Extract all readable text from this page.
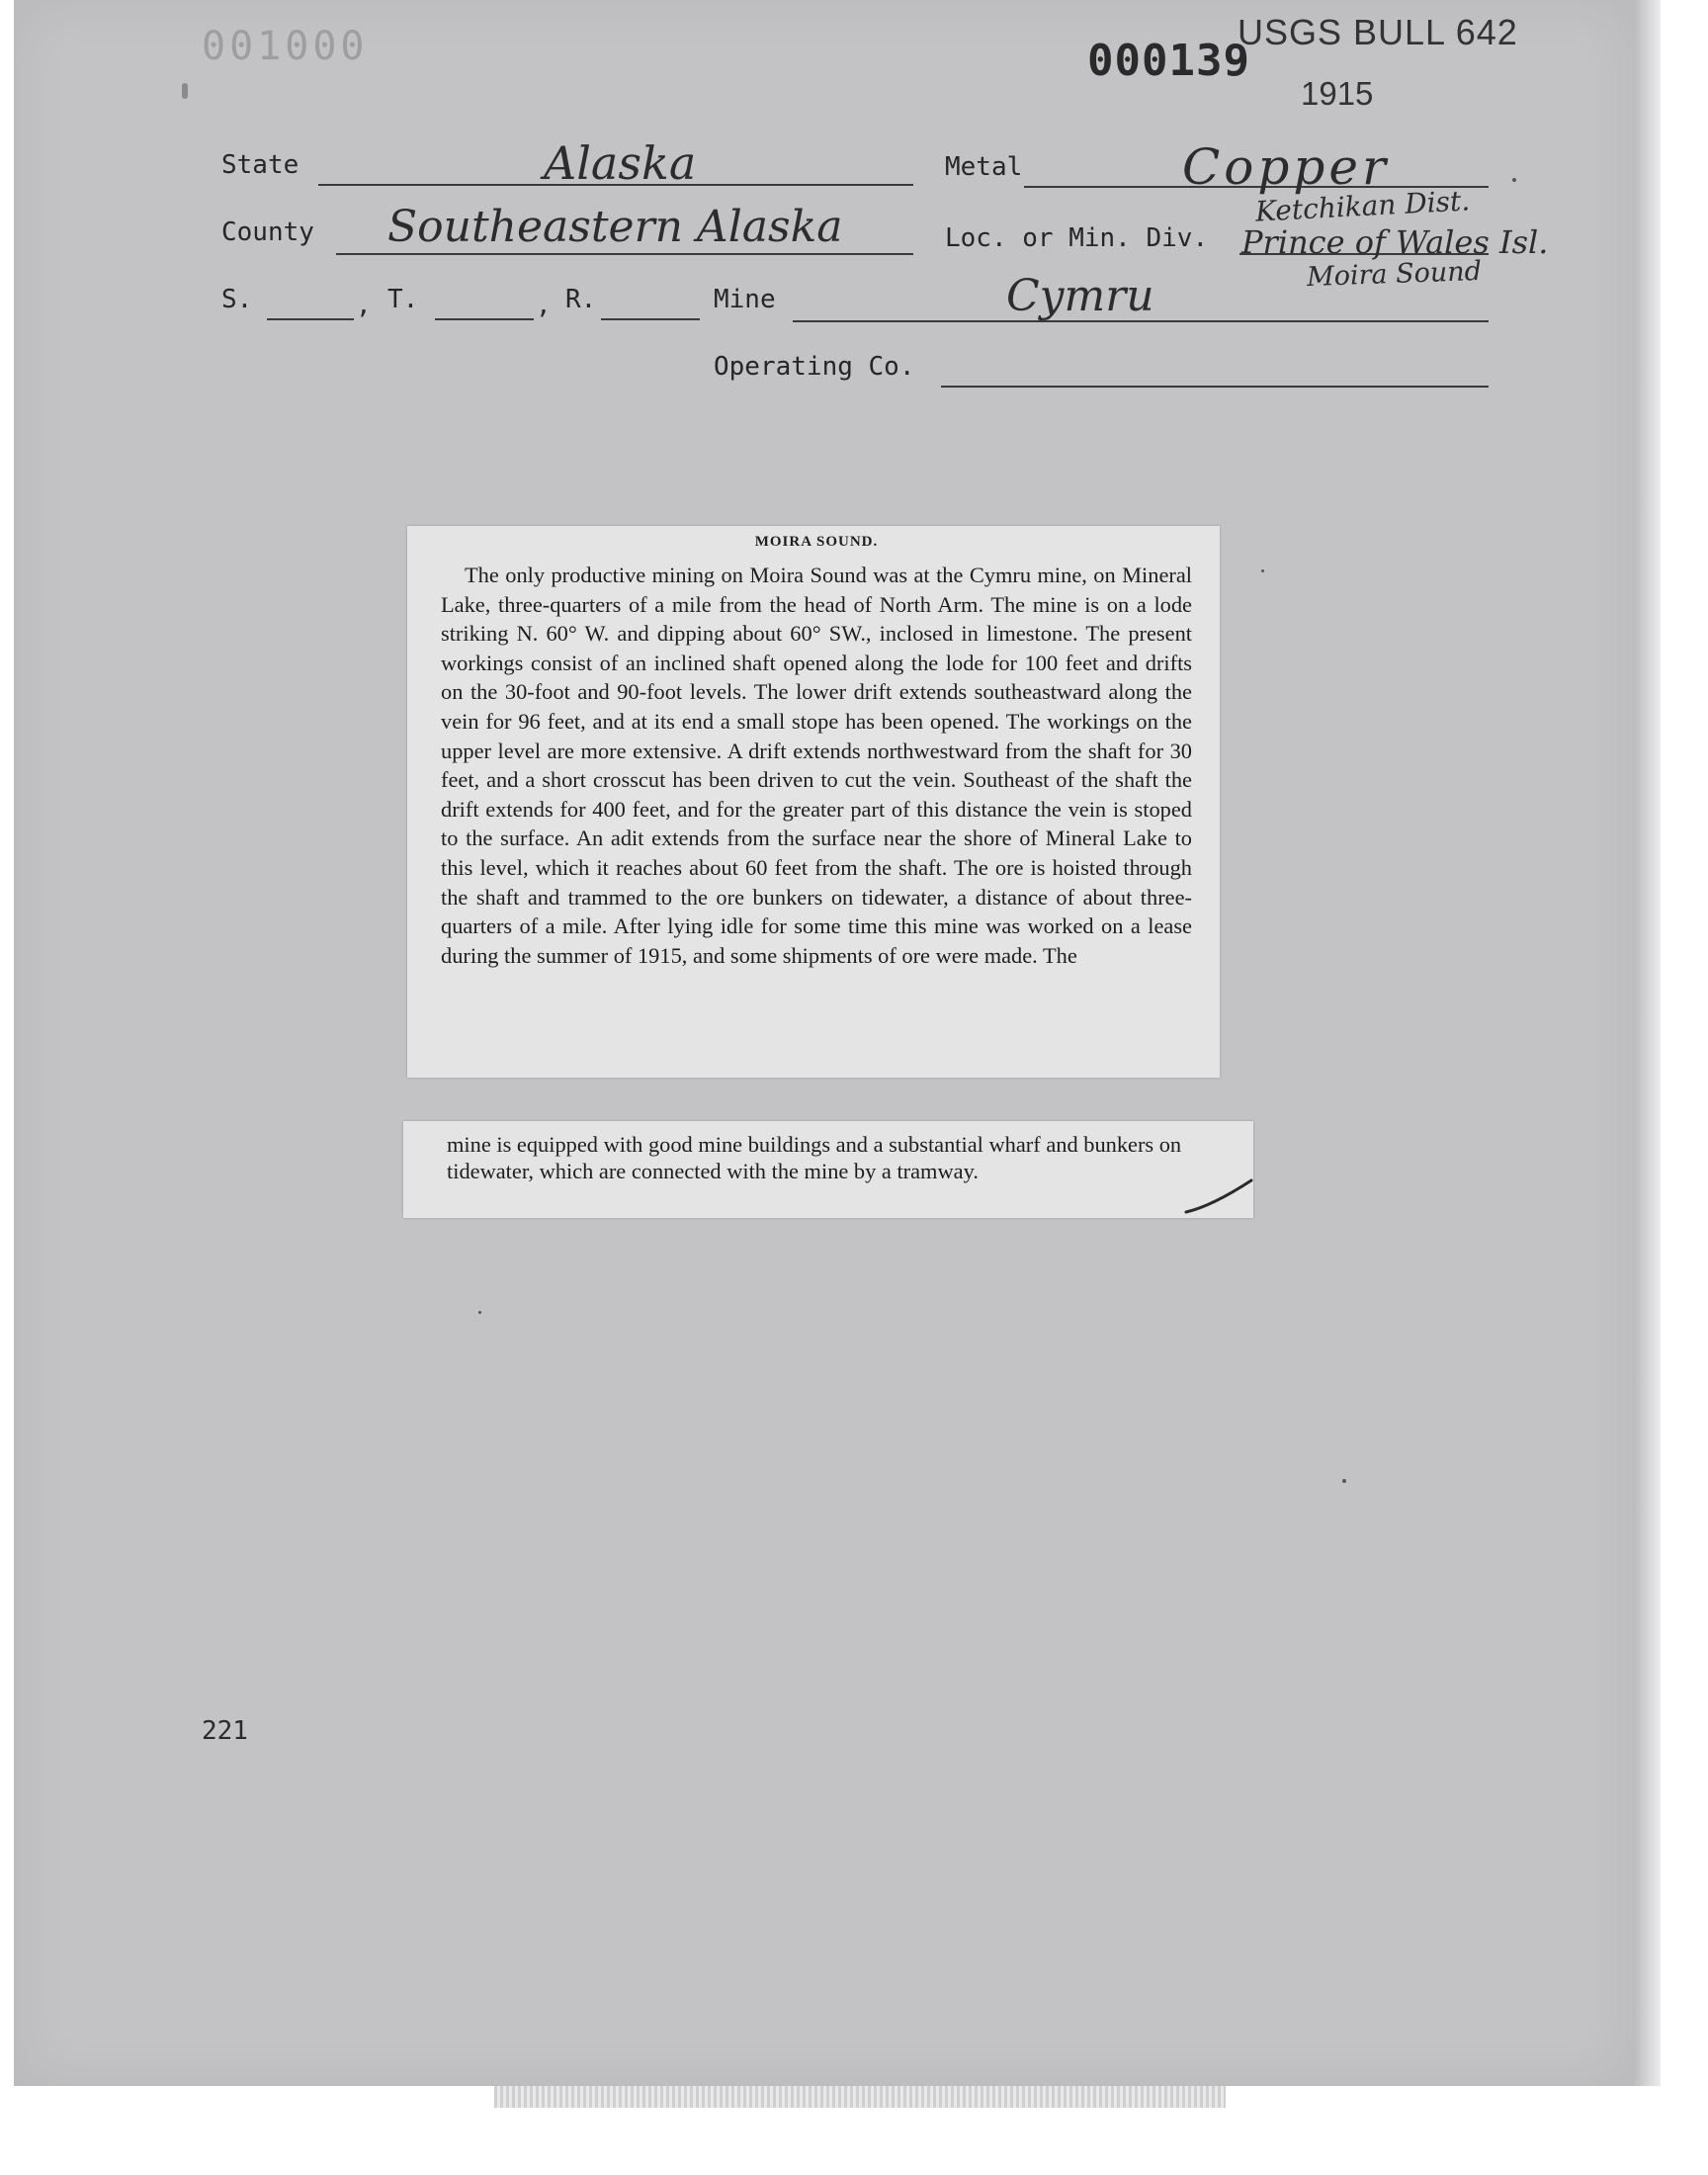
001000	000139
USGS BULL 642
1915
State	Alaska	Metal	Copper
County Southeastern Alaska	Loc. or Min. Div.
Ketchikan Dist.
Prince of Wales Isl.
Moira Sound
S.	, T.	, R.	Mine	Cymru
Operating Co.
MOIRA SOUND.

The only productive mining on Moira Sound was at the Cymru mine, on Mineral Lake, three-quarters of a mile from the head of North Arm. The mine is on a lode striking N. 60° W. and dipping about 60° SW., inclosed in limestone. The present workings consist of an inclined shaft opened along the lode for 100 feet and drifts on the 30-foot and 90-foot levels. The lower drift extends southeastward along the vein for 96 feet, and at its end a small stope has been opened. The workings on the upper level are more extensive. A drift extends northwestward from the shaft for 30 feet, and a short crosscut has been driven to cut the vein. Southeast of the shaft the drift extends for 400 feet, and for the greater part of this distance the vein is stoped to the surface. An adit extends from the surface near the shore of Mineral Lake to this level, which it reaches about 60 feet from the shaft. The ore is hoisted through the shaft and trammed to the ore bunkers on tidewater, a distance of about three-quarters of a mile. After lying idle for some time this mine was worked on a lease during the summer of 1915, and some shipments of ore were made. The

mine is equipped with good mine buildings and a substantial wharf and bunkers on tidewater, which are connected with the mine by a tramway.

221
